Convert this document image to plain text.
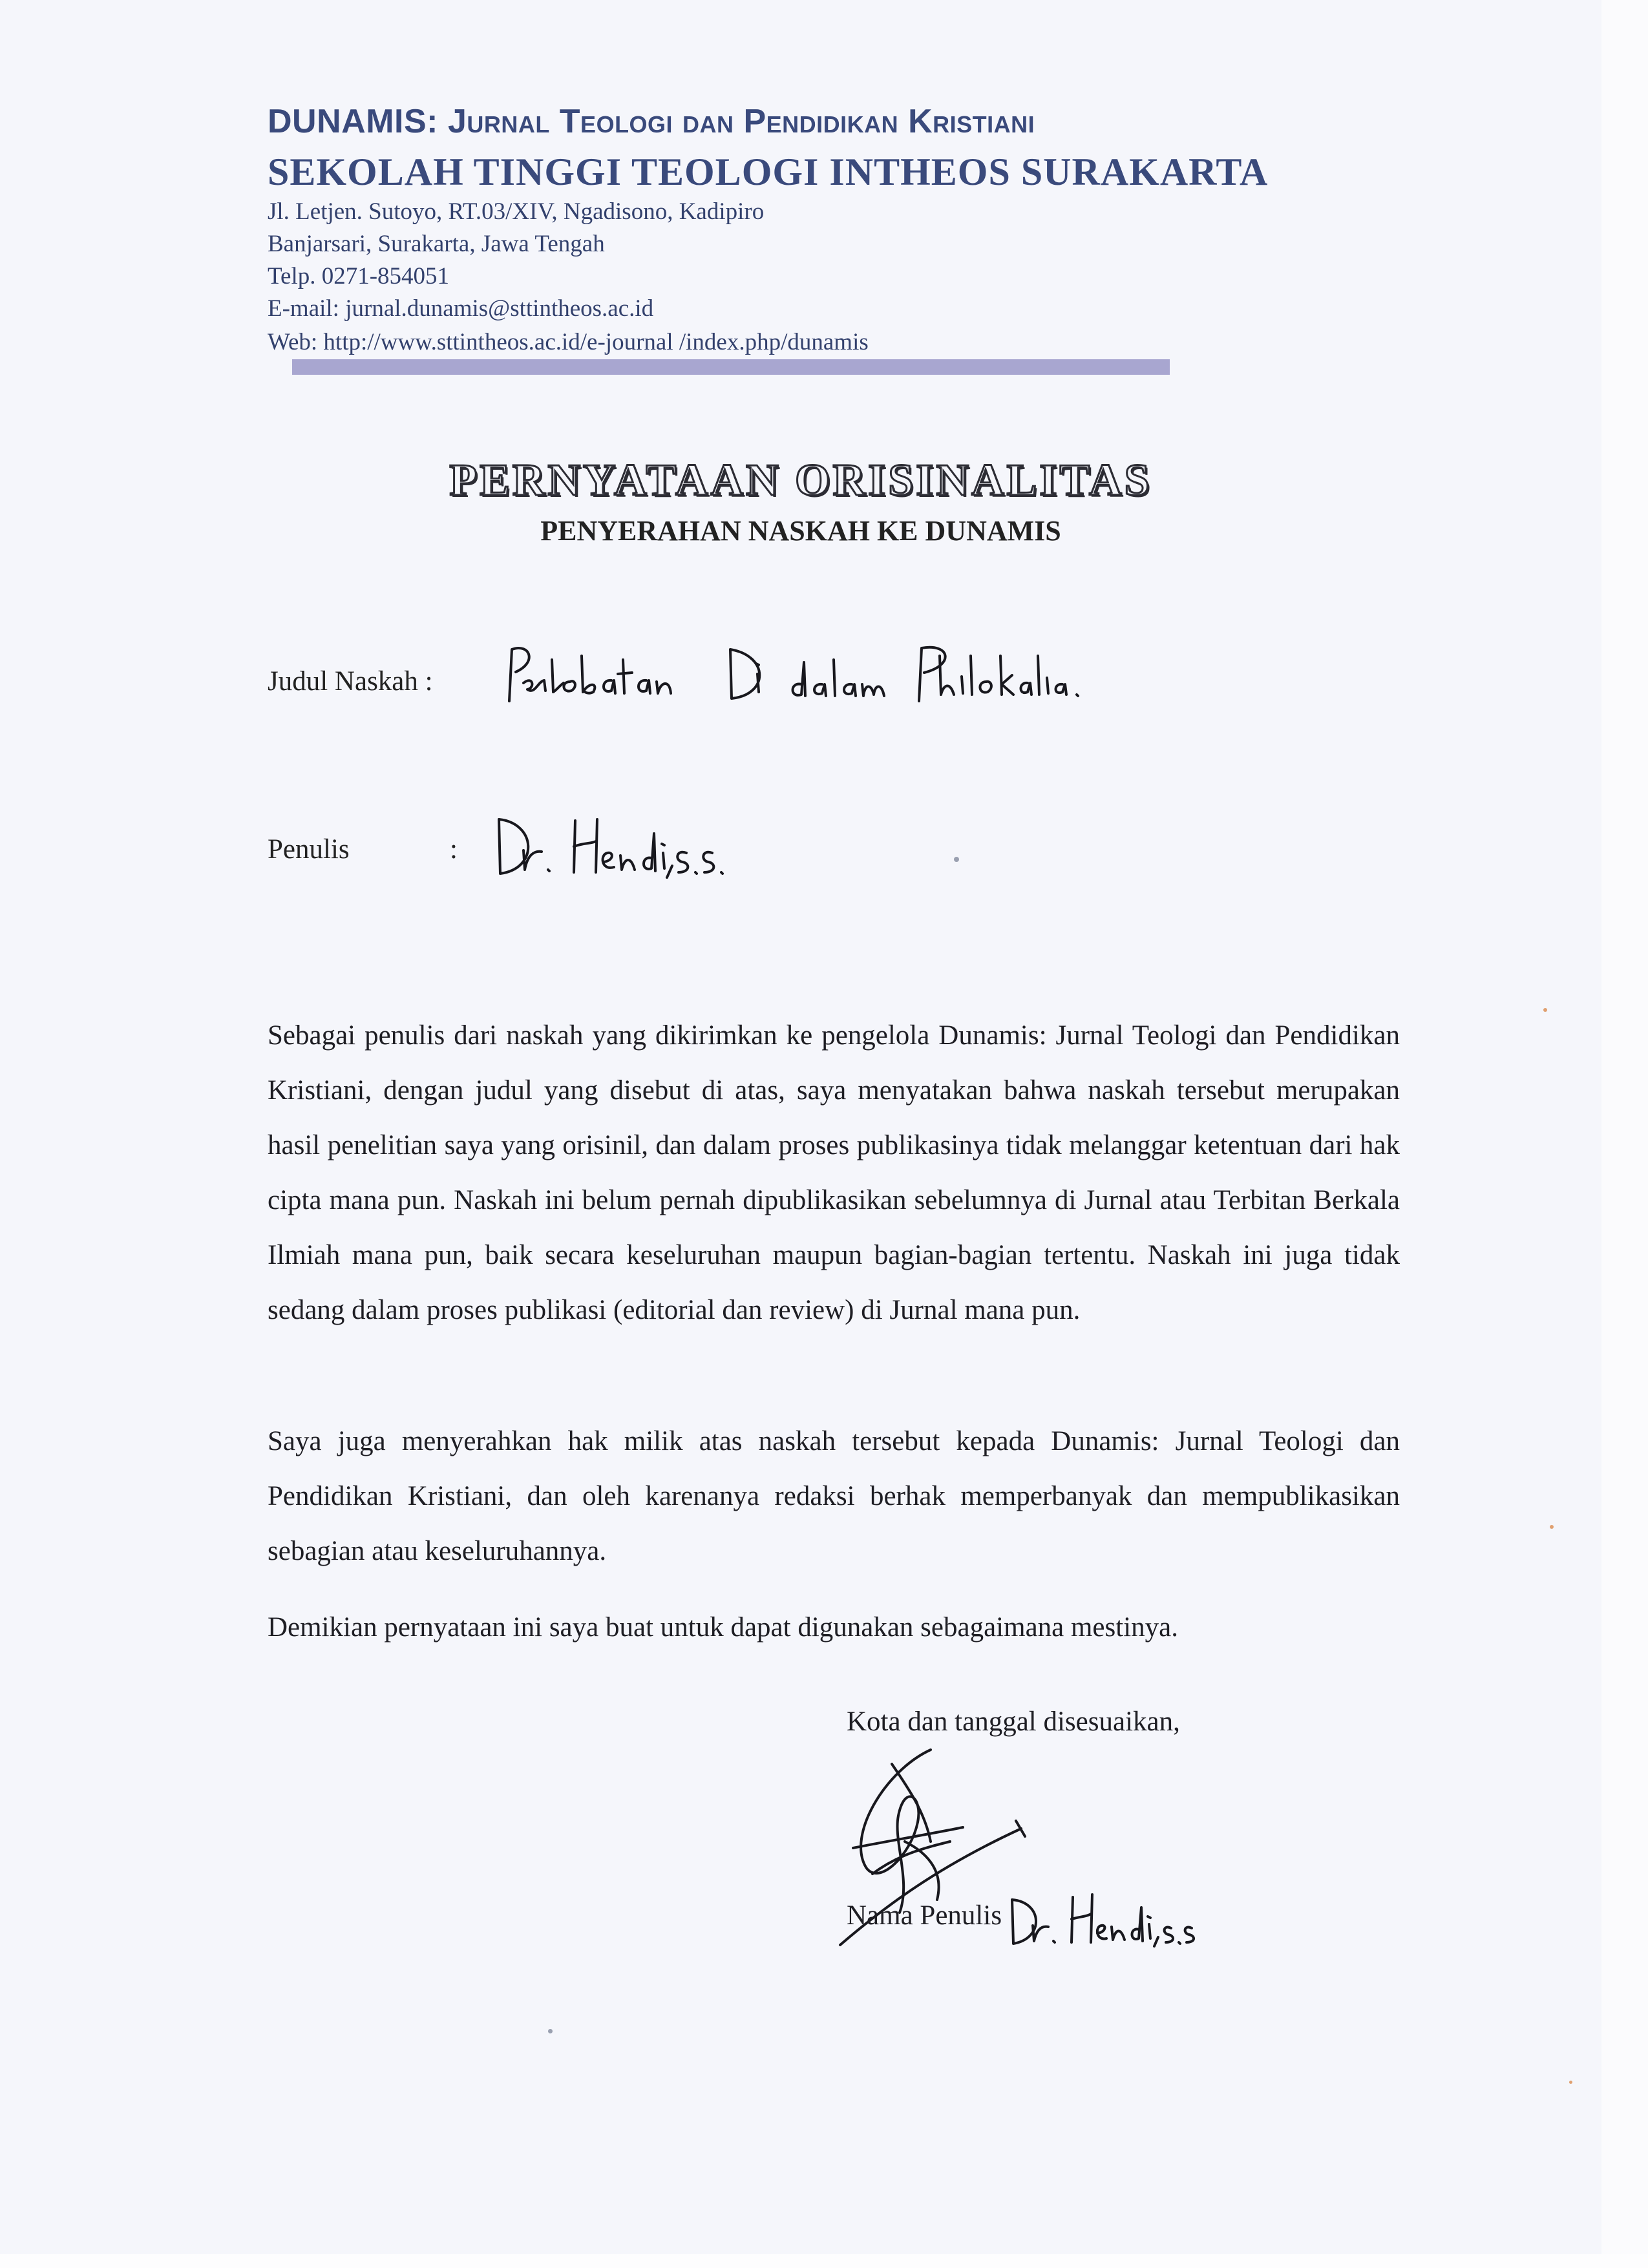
DUNAMIS: Jurnal Teologi dan Pendidikan Kristiani
SEKOLAH TINGGI TEOLOGI INTHEOS SURAKARTA
Jl. Letjen. Sutoyo, RT.03/XIV, Ngadisono, Kadipiro
Banjarsari, Surakarta, Jawa Tengah
Telp. 0271-854051
E-mail: jurnal.dunamis@sttintheos.ac.id
Web: http://www.sttintheos.ac.id/e-journal /index.php/dunamis
PERNYATAAN ORISINALITAS
PENYERAHAN NASKAH KE DUNAMIS
Judul Naskah :
Penulis	:
Sebagai penulis dari naskah yang dikirimkan ke pengelola Dunamis: Jurnal Teologi dan Pendidikan Kristiani, dengan judul yang disebut di atas, saya menyatakan bahwa naskah tersebut merupakan hasil penelitian saya yang orisinil, dan dalam proses publikasinya tidak melanggar ketentuan dari hak cipta mana pun. Naskah ini belum pernah dipublikasikan sebelumnya di Jurnal atau Terbitan Berkala Ilmiah mana pun, baik secara keseluruhan maupun bagian-bagian tertentu. Naskah ini juga tidak sedang dalam proses publikasi (editorial dan review) di Jurnal mana pun.
Saya juga menyerahkan hak milik atas naskah tersebut kepada Dunamis: Jurnal Teologi dan Pendidikan Kristiani, dan oleh karenanya redaksi berhak memperbanyak dan mempublikasikan sebagian atau keseluruhannya.
Demikian pernyataan ini saya buat untuk dapat digunakan sebagaimana mestinya.
Kota dan tanggal disesuaikan,
Nama Penulis
